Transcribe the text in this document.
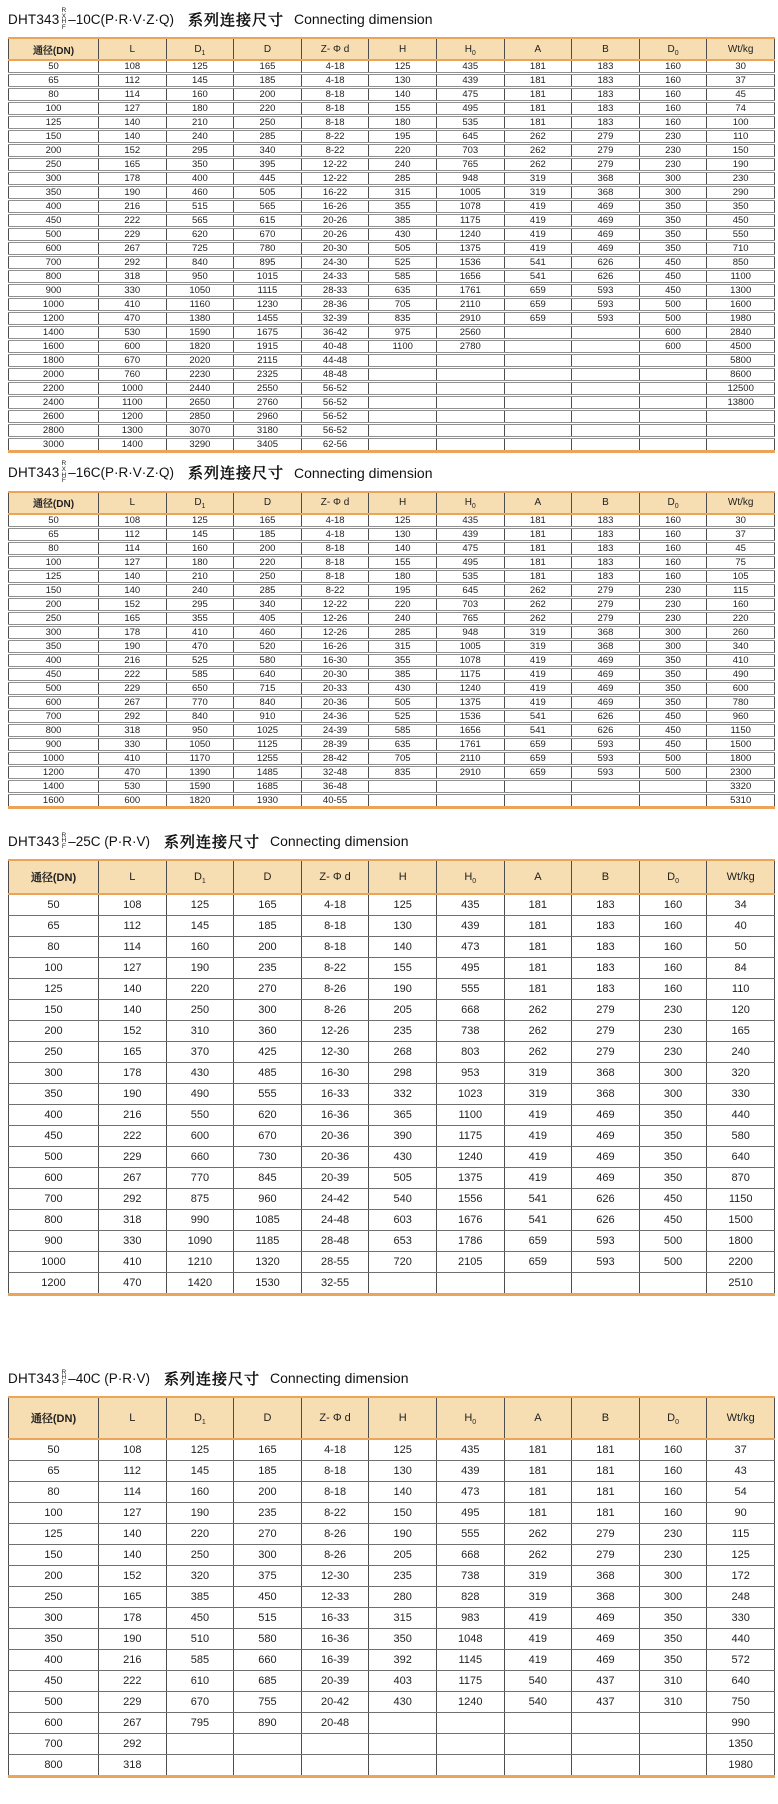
DHT343
R
X
H
F
–10C(P·R·V·Z·Q) 系列连接尺寸 Connecting dimension
通径(DN)	L	$D_1$	D	Z- Φ d	H	$H_0$	A	B	$D_0$	Wt/kg
50	108	125	165	4-18	125	435	181	183	160	30
65	112	145	185	4-18	130	439	181	183	160	37
80	114	160	200	8-18	140	475	181	183	160	45
100	127	180	220	8-18	155	495	181	183	160	74
125	140	210	250	8-18	180	535	181	183	160	100
150	140	240	285	8-22	195	645	262	279	230	110
200	152	295	340	8-22	220	703	262	279	230	150
250	165	350	395	12-22	240	765	262	279	230	190
300	178	400	445	12-22	285	948	319	368	300	230
350	190	460	505	16-22	315	1005	319	368	300	290
400	216	515	565	16-26	355	1078	419	469	350	350
450	222	565	615	20-26	385	1175	419	469	350	450
500	229	620	670	20-26	430	1240	419	469	350	550
600	267	725	780	20-30	505	1375	419	469	350	710
700	292	840	895	24-30	525	1536	541	626	450	850
800	318	950	1015	24-33	585	1656	541	626	450	1100
900	330	1050	1115	28-33	635	1761	659	593	450	1300
1000	410	1160	1230	28-36	705	2110	659	593	500	1600
1200	470	1380	1455	32-39	835	2910	659	593	500	1980
1400	530	1590	1675	36-42	975	2560			600	2840
1600	600	1820	1915	40-48	1100	2780			600	4500
1800	670	2020	2115	44-48						5800
2000	760	2230	2325	48-48						8600
2200	1000	2440	2550	56-52						12500
2400	1100	2650	2760	56-52						13800
2600	1200	2850	2960	56-52						
2800	1300	3070	3180	56-52						
3000	1400	3290	3405	62-56						
DHT343
R
X
H
F
–16C(P·R·V·Z·Q) 系列连接尺寸 Connecting dimension
通径(DN)	L	$D_1$	D	Z- Φ d	H	$H_0$	A	B	$D_0$	Wt/kg
50	108	125	165	4-18	125	435	181	183	160	30
65	112	145	185	4-18	130	439	181	183	160	37
80	114	160	200	8-18	140	475	181	183	160	45
100	127	180	220	8-18	155	495	181	183	160	75
125	140	210	250	8-18	180	535	181	183	160	105
150	140	240	285	8-22	195	645	262	279	230	115
200	152	295	340	12-22	220	703	262	279	230	160
250	165	355	405	12-26	240	765	262	279	230	220
300	178	410	460	12-26	285	948	319	368	300	260
350	190	470	520	16-26	315	1005	319	368	300	340
400	216	525	580	16-30	355	1078	419	469	350	410
450	222	585	640	20-30	385	1175	419	469	350	490
500	229	650	715	20-33	430	1240	419	469	350	600
600	267	770	840	20-36	505	1375	419	469	350	780
700	292	840	910	24-36	525	1536	541	626	450	960
800	318	950	1025	24-39	585	1656	541	626	450	1150
900	330	1050	1125	28-39	635	1761	659	593	450	1500
1000	410	1170	1255	28-42	705	2110	659	593	500	1800
1200	470	1390	1485	32-48	835	2910	659	593	500	2300
1400	530	1590	1685	36-48						3320
1600	600	1820	1930	40-55						5310
DHT343 R
H
F –25C (P·R·V) 系列连接尺寸 Connecting dimension
通径(DN)	L	$D_1$	D	Z- Φ d	H	$H_0$	A	B	$D_0$	Wt/kg
50	108	125	165	4-18	125	435	181	183	160	34
65	112	145	185	8-18	130	439	181	183	160	40
80	114	160	200	8-18	140	473	181	183	160	50
100	127	190	235	8-22	155	495	181	183	160	84
125	140	220	270	8-26	190	555	181	183	160	110
150	140	250	300	8-26	205	668	262	279	230	120
200	152	310	360	12-26	235	738	262	279	230	165
250	165	370	425	12-30	268	803	262	279	230	240
300	178	430	485	16-30	298	953	319	368	300	320
350	190	490	555	16-33	332	1023	319	368	300	330
400	216	550	620	16-36	365	1100	419	469	350	440
450	222	600	670	20-36	390	1175	419	469	350	580
500	229	660	730	20-36	430	1240	419	469	350	640
600	267	770	845	20-39	505	1375	419	469	350	870
700	292	875	960	24-42	540	1556	541	626	450	1150
800	318	990	1085	24-48	603	1676	541	626	450	1500
900	330	1090	1185	28-48	653	1786	659	593	500	1800
1000	410	1210	1320	28-55	720	2105	659	593	500	2200
1200	470	1420	1530	32-55						2510
DHT343 R
H
F –40C (P·R·V) 系列连接尺寸 Connecting dimension
通径(DN)	L	$D_1$	D	Z- Φ d	H	$H_0$	A	B	$D_0$	Wt/kg
50	108	125	165	4-18	125	435	181	181	160	37
65	112	145	185	8-18	130	439	181	181	160	43
80	114	160	200	8-18	140	473	181	181	160	54
100	127	190	235	8-22	150	495	181	181	160	90
125	140	220	270	8-26	190	555	262	279	230	115
150	140	250	300	8-26	205	668	262	279	230	125
200	152	320	375	12-30	235	738	319	368	300	172
250	165	385	450	12-33	280	828	319	368	300	248
300	178	450	515	16-33	315	983	419	469	350	330
350	190	510	580	16-36	350	1048	419	469	350	440
400	216	585	660	16-39	392	1145	419	469	350	572
450	222	610	685	20-39	403	1175	540	437	310	640
500	229	670	755	20-42	430	1240	540	437	310	750
600	267	795	890	20-48						990
700	292									1350
800	318									1980
